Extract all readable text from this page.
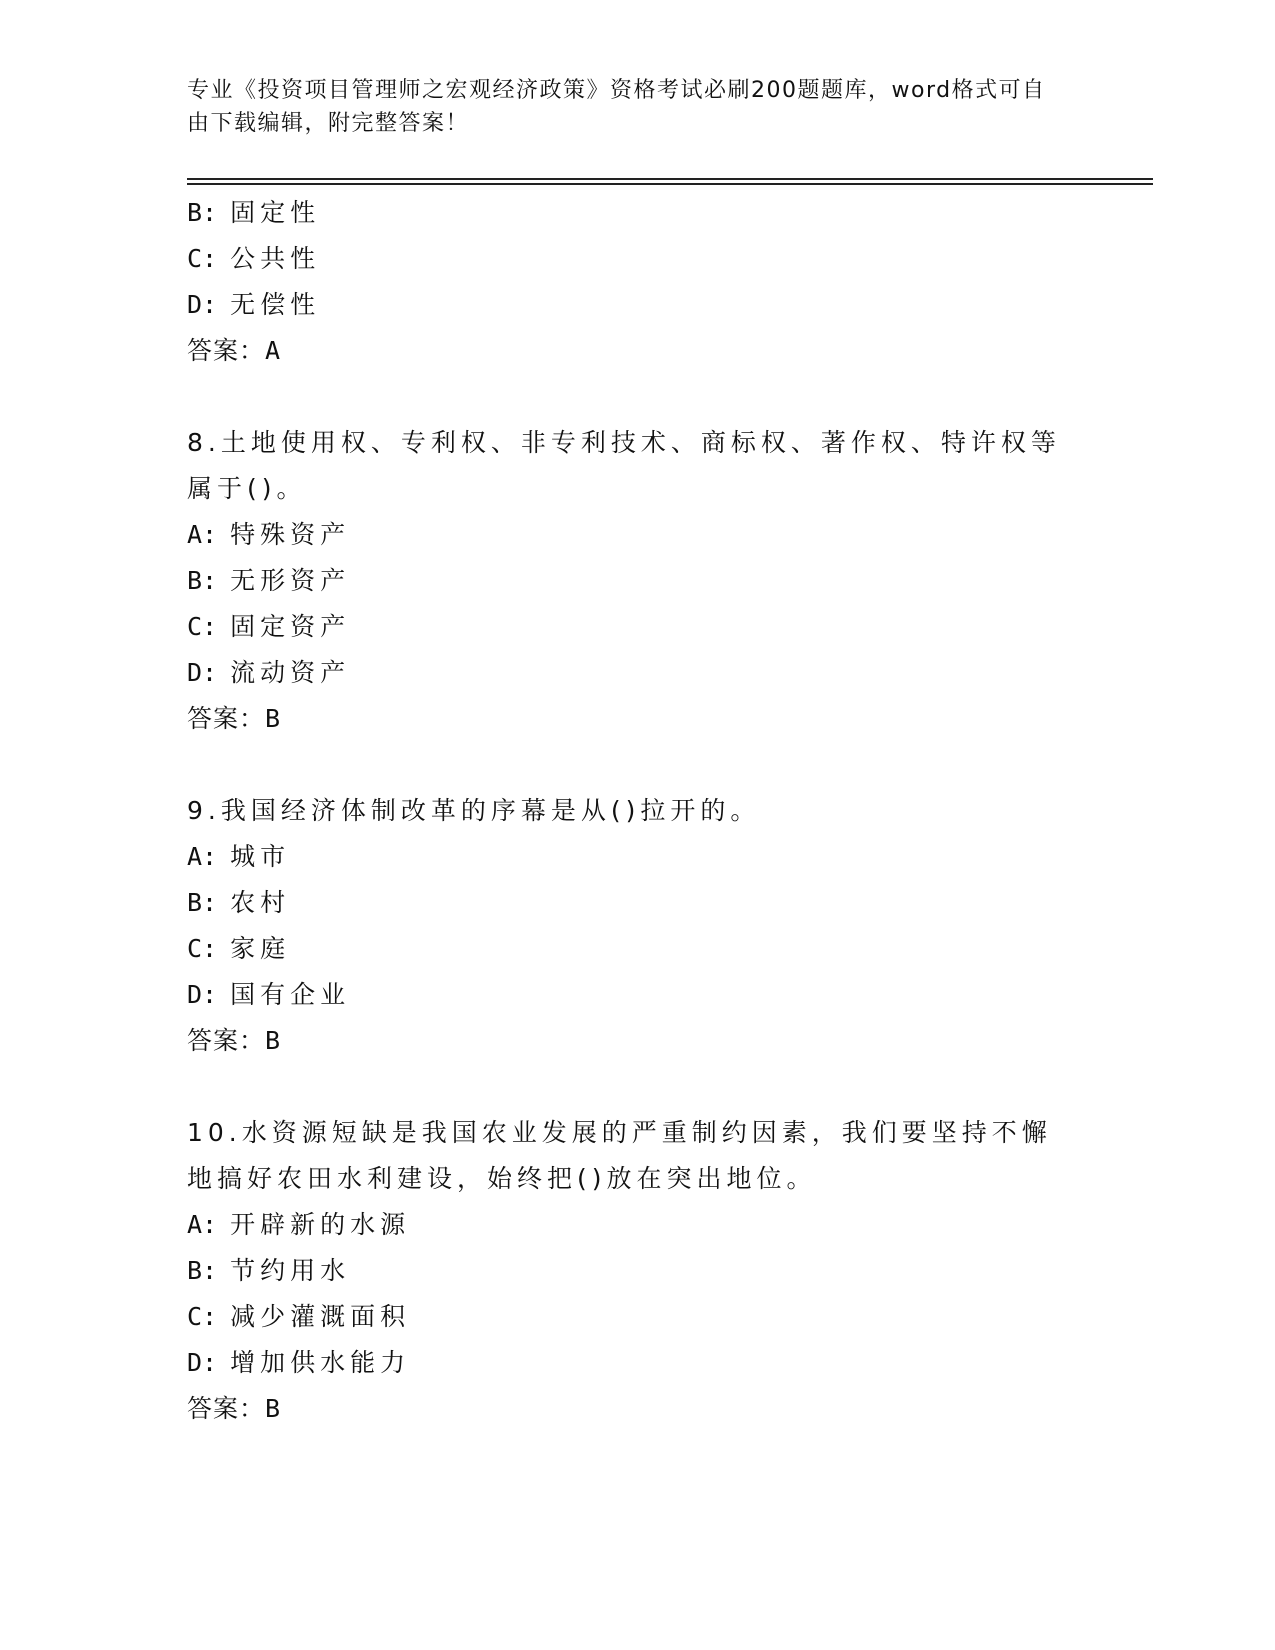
专业《投资项目管理师之宏观经济政策》资格考试必刷200题题库，word格式可自由下载编辑，附完整答案！
B: 固定性
C: 公共性
D: 无偿性
答案：A
8.土地使用权、专利权、非专利技术、商标权、著作权、特许权等属于()。
A: 特殊资产
B: 无形资产
C: 固定资产
D: 流动资产
答案：B
9.我国经济体制改革的序幕是从()拉开的。
A: 城市
B: 农村
C: 家庭
D: 国有企业
答案：B
10.水资源短缺是我国农业发展的严重制约因素，我们要坚持不懈地搞好农田水利建设，始终把()放在突出地位。
A: 开辟新的水源
B: 节约用水
C: 减少灌溉面积
D: 增加供水能力
答案：B
